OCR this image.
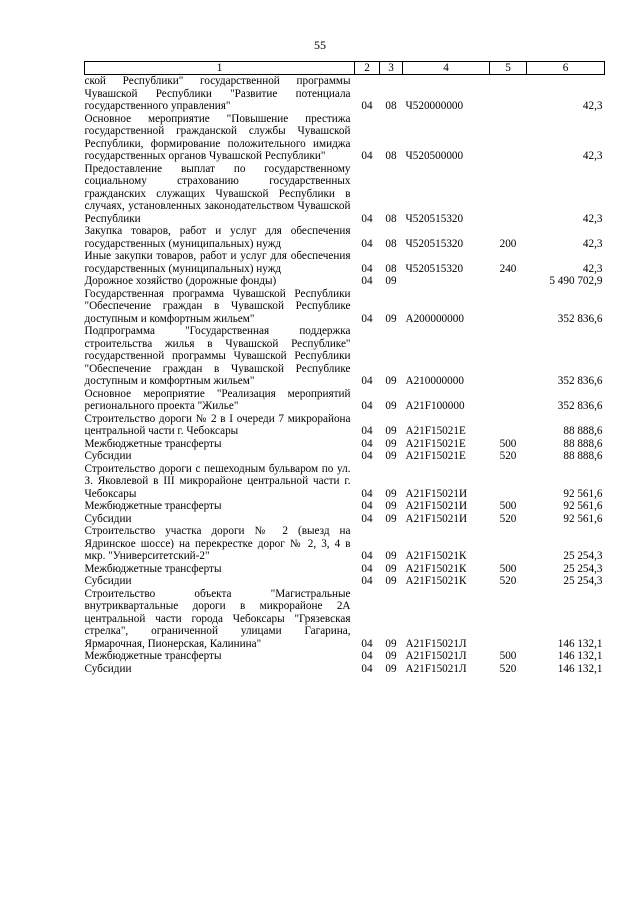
55
1	2	3	4	5	6
ской Республики" государственной программы Чувашской Республики "Развитие потенциала государственного управления"	04	08	Ч520000000		42,3
Основное мероприятие "Повышение престижа государственной гражданской службы Чувашской Республики, формирование положительного имиджа государственных органов Чувашской Республики"	04	08	Ч520500000		42,3
Предоставление выплат по государственному социальному страхованию государственных гражданских служащих Чувашской Республики в случаях, установленных законодательством Чувашской Республики	04	08	Ч520515320		42,3
Закупка товаров, работ и услуг для обеспечения государственных (муниципальных) нужд	04	08	Ч520515320	200	42,3
Иные закупки товаров, работ и услуг для обеспечения государственных (муниципальных) нужд	04	08	Ч520515320	240	42,3
Дорожное хозяйство (дорожные фонды)	04	09			5 490 702,9
Государственная программа Чувашской Республики "Обеспечение граждан в Чувашской Республике доступным и комфортным жильем"	04	09	А200000000		352 836,6
Подпрограмма "Государственная поддержка строительства жилья в Чувашской Республике" государственной программы Чувашской Республики "Обеспечение граждан в Чувашской Республике доступным и комфортным жильем"	04	09	А210000000		352 836,6
Основное мероприятие "Реализация мероприятий регионального проекта "Жилье"	04	09	А21F100000		352 836,6
Строительство дороги № 2 в I очереди 7 микрорайона центральной части г. Чебоксары	04	09	А21F15021Е		88 888,6
Межбюджетные трансферты	04	09	А21F15021Е	500	88 888,6
Субсидии	04	09	А21F15021Е	520	88 888,6
Строительство дороги с пешеходным бульваром по ул. З. Яковлевой в III микрорайоне центральной части г. Чебоксары	04	09	А21F15021И		92 561,6
Межбюджетные трансферты	04	09	А21F15021И	500	92 561,6
Субсидии	04	09	А21F15021И	520	92 561,6
Строительство участка дороги № 2 (выезд на Ядринское шоссе) на перекрестке дорог № 2, 3, 4 в мкр. "Университетский-2"	04	09	А21F15021К		25 254,3
Межбюджетные трансферты	04	09	А21F15021К	500	25 254,3
Субсидии	04	09	А21F15021К	520	25 254,3
Строительство объекта "Магистральные внутриквартальные дороги в микрорайоне 2А центральной части города Чебоксары "Грязевская стрелка", ограниченной улицами Гагарина, Ярмарочная, Пионерская, Калинина"	04	09	А21F15021Л		146 132,1
Межбюджетные трансферты	04	09	А21F15021Л	500	146 132,1
Субсидии	04	09	А21F15021Л	520	146 132,1
